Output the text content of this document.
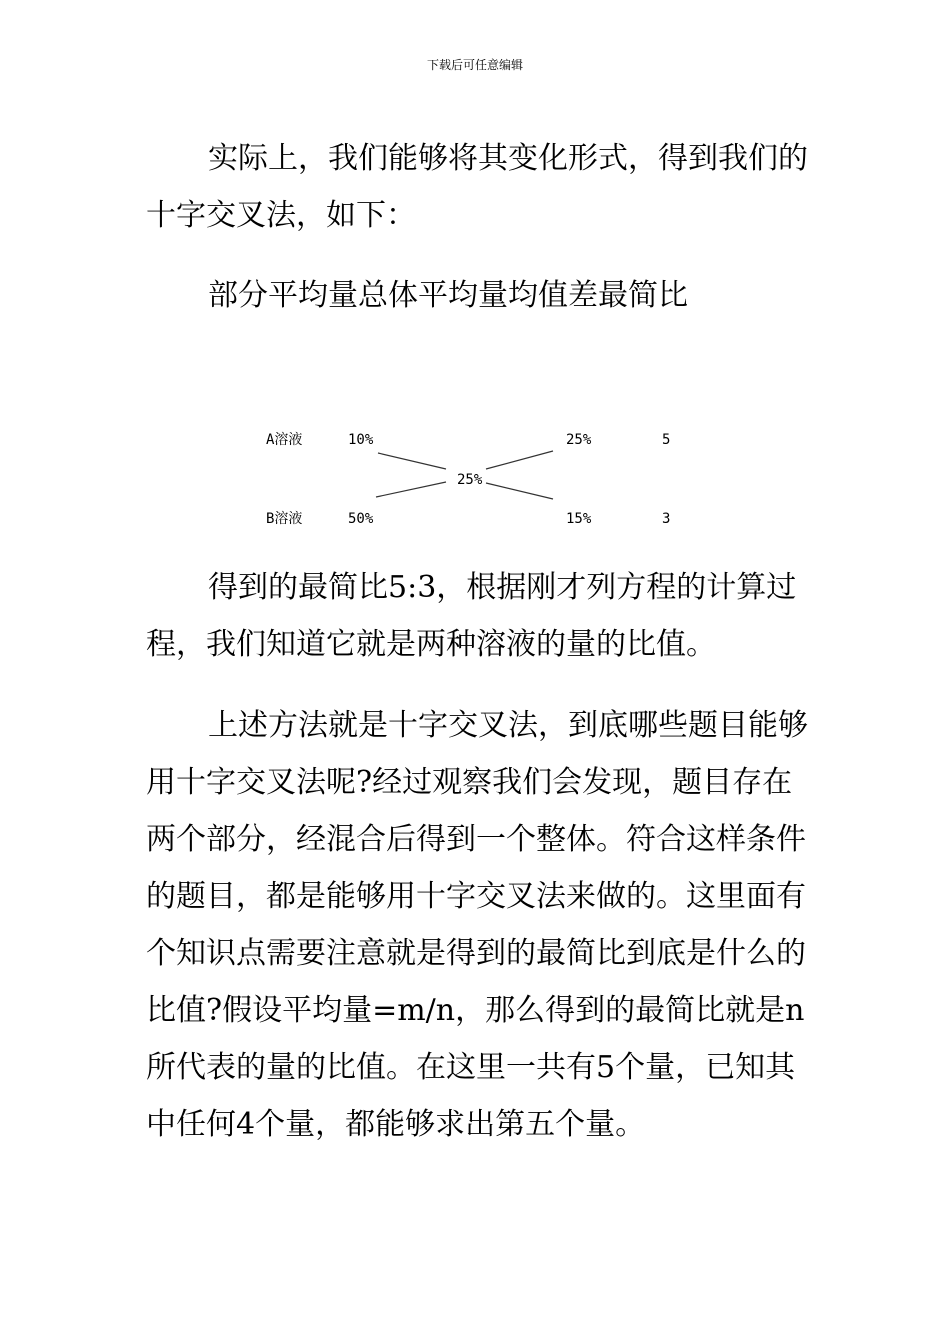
下载后可任意编辑

实际上，我们能够将其变化形式，得到我们的十字交叉法，如下：

部分平均量总体平均量均值差最简比

A溶液	10%	25%	5
25%
B溶液	50%	15%	3

得到的最简比5:3，根据刚才列方程的计算过程，我们知道它就是两种溶液的量的比值。

上述方法就是十字交叉法，到底哪些题目能够用十字交叉法呢?经过观察我们会发现，题目存在两个部分，经混合后得到一个整体。符合这样条件的题目，都是能够用十字交叉法来做的。这里面有个知识点需要注意就是得到的最简比到底是什么的比值?假设平均量=m/n，那么得到的最简比就是n所代表的量的比值。在这里一共有5个量，已知其中任何4个量，都能够求出第五个量。
